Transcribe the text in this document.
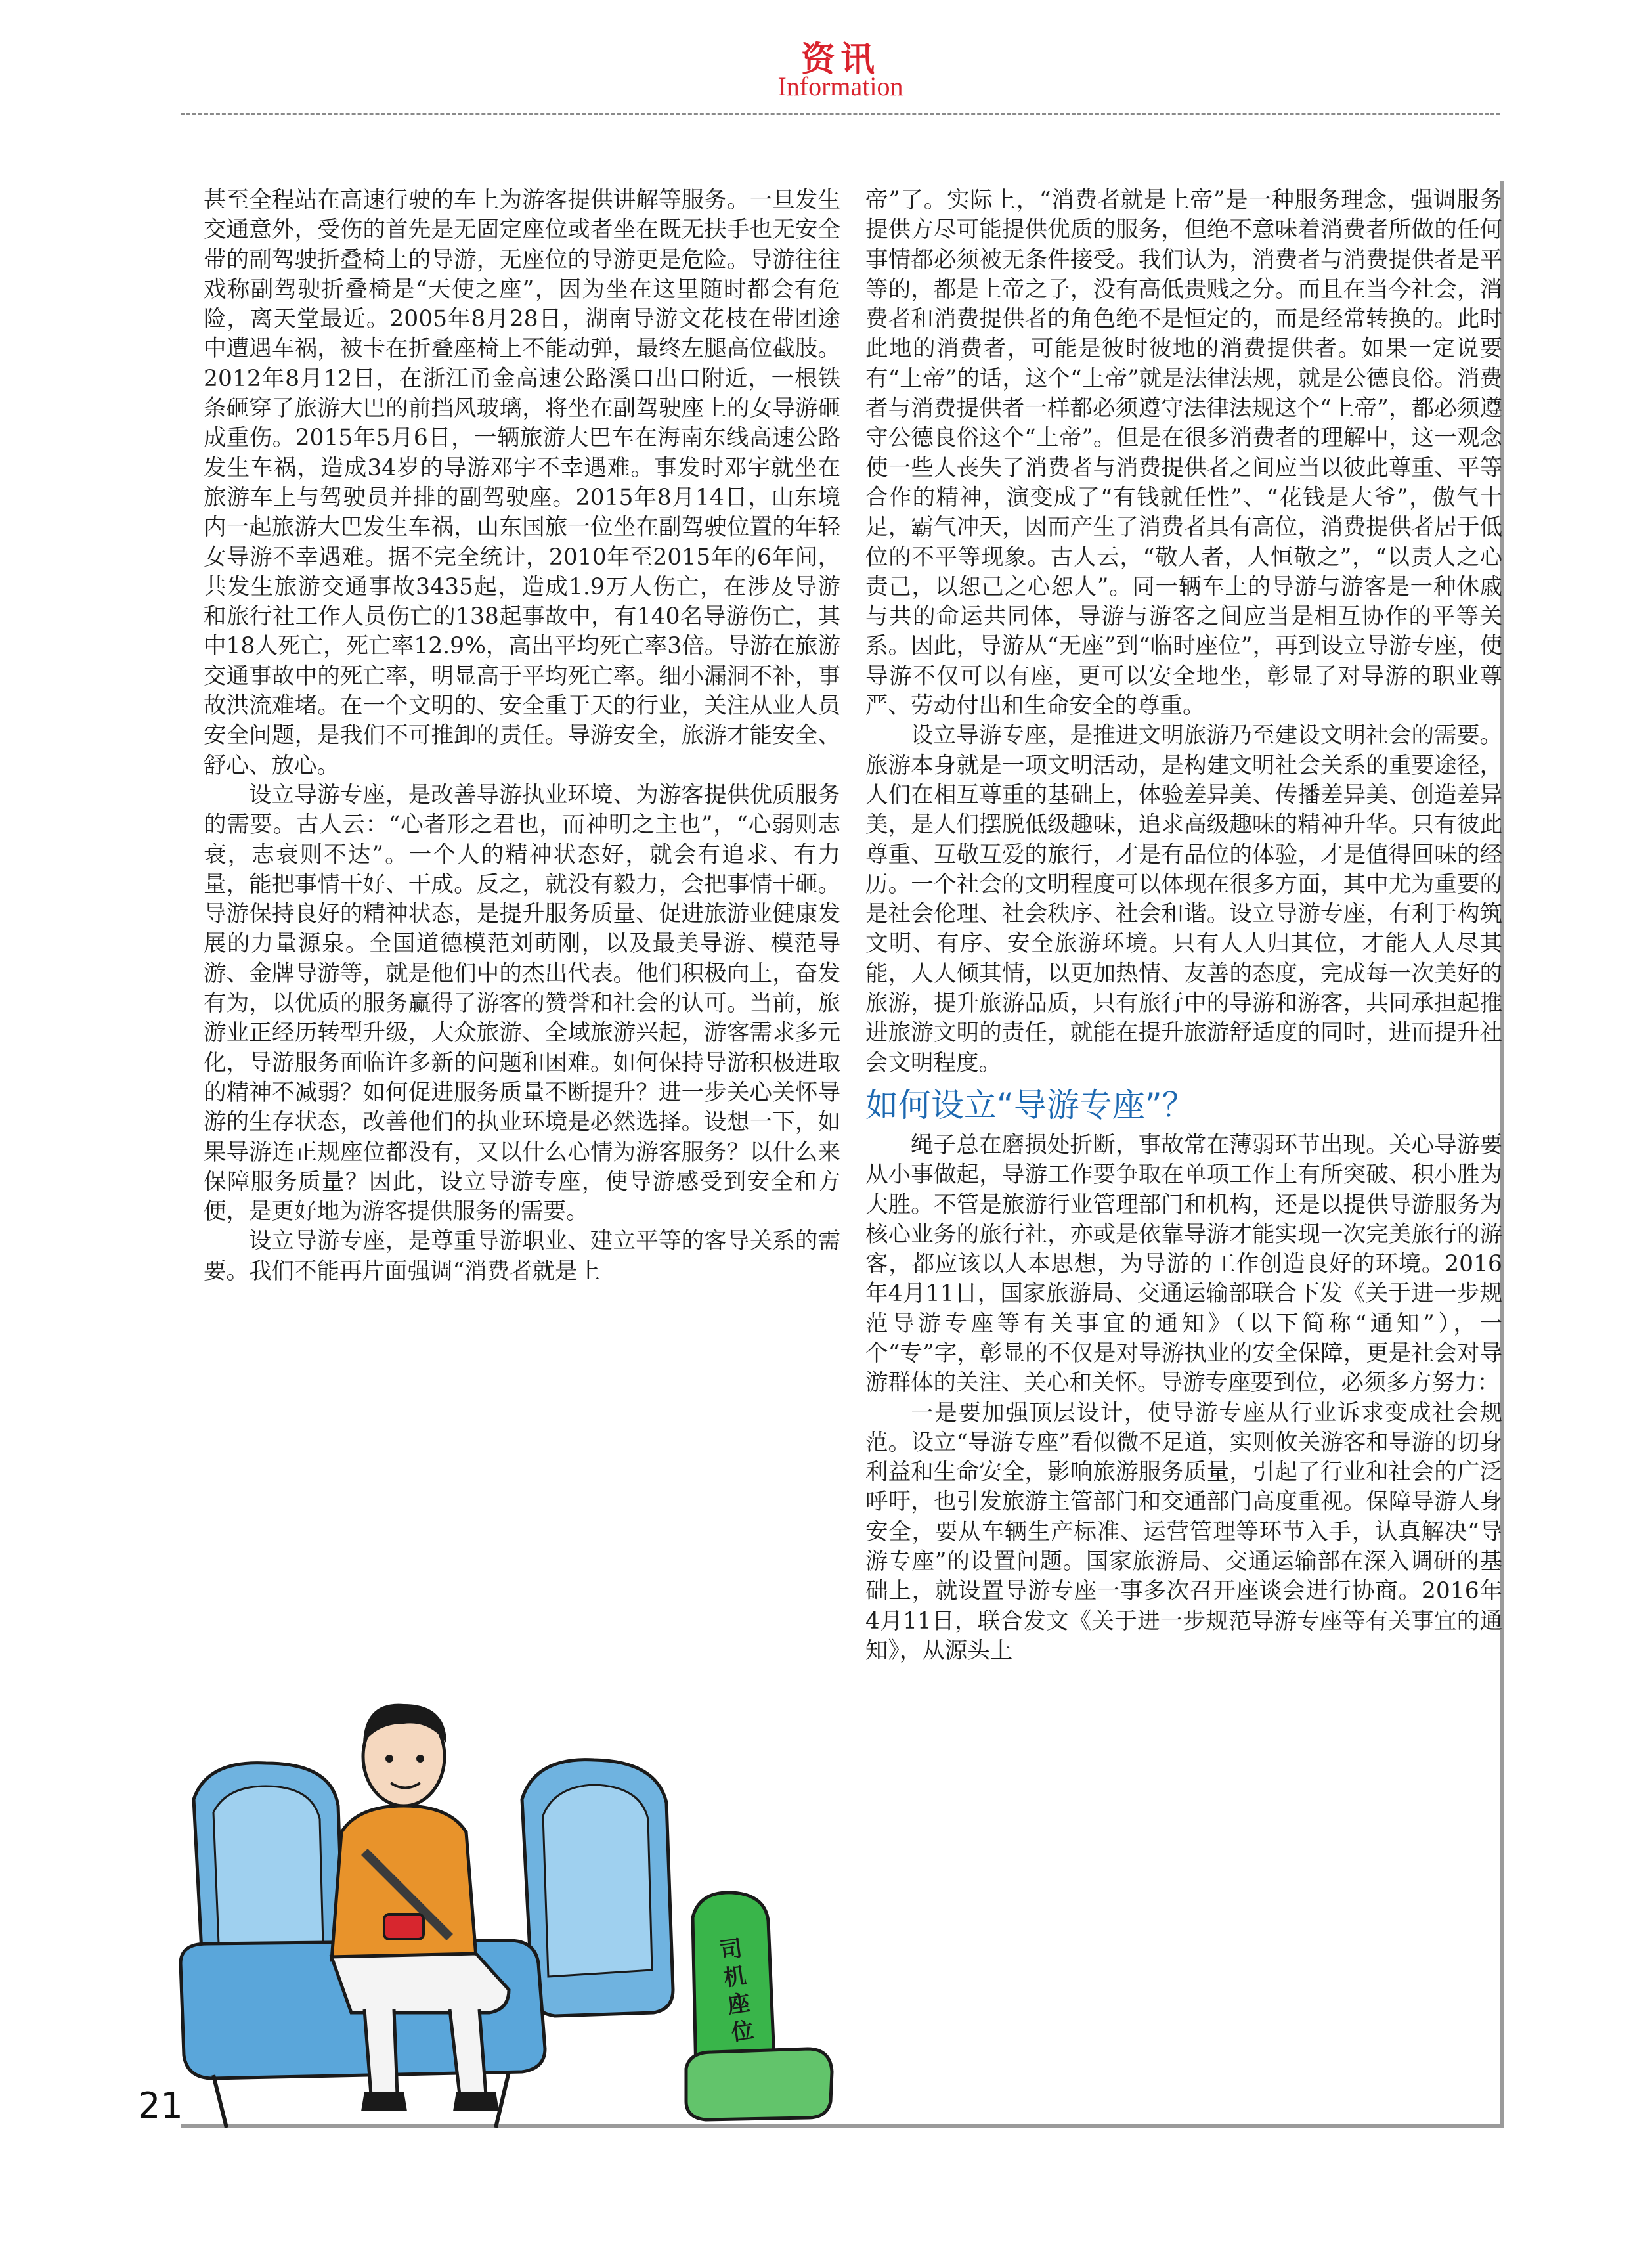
资讯
Information

甚至全程站在高速行驶的车上为游客提供讲解等服务。一旦发生交通意外，受伤的首先是无固定座位或者坐在既无扶手也无安全带的副驾驶折叠椅上的导游，无座位的导游更是危险。导游往往戏称副驾驶折叠椅是“天使之座”，因为坐在这里随时都会有危险，离天堂最近。2005年8月28日，湖南导游文花枝在带团途中遭遇车祸，被卡在折叠座椅上不能动弹，最终左腿高位截肢。2012年8月12日，在浙江甬金高速公路溪口出口附近，一根铁条砸穿了旅游大巴的前挡风玻璃，将坐在副驾驶座上的女导游砸成重伤。2015年5月6日，一辆旅游大巴车在海南东线高速公路发生车祸，造成34岁的导游邓宇不幸遇难。事发时邓宇就坐在旅游车上与驾驶员并排的副驾驶座。2015年8月14日，山东境内一起旅游大巴发生车祸，山东国旅一位坐在副驾驶位置的年轻女导游不幸遇难。据不完全统计，2010年至2015年的6年间，共发生旅游交通事故3435起，造成1.9万人伤亡，在涉及导游和旅行社工作人员伤亡的138起事故中，有140名导游伤亡，其中18人死亡，死亡率12.9%，高出平均死亡率3倍。导游在旅游交通事故中的死亡率，明显高于平均死亡率。细小漏洞不补，事故洪流难堵。在一个文明的、安全重于天的行业，关注从业人员安全问题，是我们不可推卸的责任。导游安全，旅游才能安全、舒心、放心。

设立导游专座，是改善导游执业环境、为游客提供优质服务的需要。古人云：“心者形之君也，而神明之主也”，“心弱则志衰，志衰则不达”。一个人的精神状态好，就会有追求、有力量，能把事情干好、干成。反之，就没有毅力，会把事情干砸。导游保持良好的精神状态，是提升服务质量、促进旅游业健康发展的力量源泉。全国道德模范刘萌刚，以及最美导游、模范导游、金牌导游等，就是他们中的杰出代表。他们积极向上，奋发有为，以优质的服务赢得了游客的赞誉和社会的认可。当前，旅游业正经历转型升级，大众旅游、全域旅游兴起，游客需求多元化，导游服务面临许多新的问题和困难。如何保持导游积极进取的精神不减弱？如何促进服务质量不断提升？进一步关心关怀导游的生存状态，改善他们的执业环境是必然选择。设想一下，如果导游连正规座位都没有，又以什么心情为游客服务？以什么来保障服务质量？因此，设立导游专座，使导游感受到安全和方便，是更好地为游客提供服务的需要。

设立导游专座，是尊重导游职业、建立平等的客导关系的需要。我们不能再片面强调“消费者就是上

帝”了。实际上，“消费者就是上帝”是一种服务理念，强调服务提供方尽可能提供优质的服务，但绝不意味着消费者所做的任何事情都必须被无条件接受。我们认为，消费者与消费提供者是平等的，都是上帝之子，没有高低贵贱之分。而且在当今社会，消费者和消费提供者的角色绝不是恒定的，而是经常转换的。此时此地的消费者，可能是彼时彼地的消费提供者。如果一定说要有“上帝”的话，这个“上帝”就是法律法规，就是公德良俗。消费者与消费提供者一样都必须遵守法律法规这个“上帝”，都必须遵守公德良俗这个“上帝”。但是在很多消费者的理解中，这一观念使一些人丧失了消费者与消费提供者之间应当以彼此尊重、平等合作的精神，演变成了“有钱就任性”、“花钱是大爷”，傲气十足，霸气冲天，因而产生了消费者具有高位，消费提供者居于低位的不平等现象。古人云，“敬人者，人恒敬之”，“以责人之心责己，以恕己之心恕人”。同一辆车上的导游与游客是一种休戚与共的命运共同体，导游与游客之间应当是相互协作的平等关系。因此，导游从“无座”到“临时座位”，再到设立导游专座，使导游不仅可以有座，更可以安全地坐，彰显了对导游的职业尊严、劳动付出和生命安全的尊重。

设立导游专座，是推进文明旅游乃至建设文明社会的需要。旅游本身就是一项文明活动，是构建文明社会关系的重要途径，人们在相互尊重的基础上，体验差异美、传播差异美、创造差异美，是人们摆脱低级趣味，追求高级趣味的精神升华。只有彼此尊重、互敬互爱的旅行，才是有品位的体验，才是值得回味的经历。一个社会的文明程度可以体现在很多方面，其中尤为重要的是社会伦理、社会秩序、社会和谐。设立导游专座，有利于构筑文明、有序、安全旅游环境。只有人人归其位，才能人人尽其能，人人倾其情，以更加热情、友善的态度，完成每一次美好的旅游，提升旅游品质，只有旅行中的导游和游客，共同承担起推进旅游文明的责任，就能在提升旅游舒适度的同时，进而提升社会文明程度。

如何设立“导游专座”？

绳子总在磨损处折断，事故常在薄弱环节出现。关心导游要从小事做起，导游工作要争取在单项工作上有所突破、积小胜为大胜。不管是旅游行业管理部门和机构，还是以提供导游服务为核心业务的旅行社，亦或是依靠导游才能实现一次完美旅行的游客，都应该以人本思想，为导游的工作创造良好的环境。2016年4月11日，国家旅游局、交通运输部联合下发《关于进一步规范导游专座等有关事宜的通知》（以下简称“通知”），一个“专”字，彰显的不仅是对导游执业的安全保障，更是社会对导游群体的关注、关心和关怀。导游专座要到位，必须多方努力：

一是要加强顶层设计，使导游专座从行业诉求变成社会规范。设立“导游专座”看似微不足道，实则攸关游客和导游的切身利益和生命安全，影响旅游服务质量，引起了行业和社会的广泛呼吁，也引发旅游主管部门和交通部门高度重视。保障导游人身安全，要从车辆生产标准、运营管理等环节入手，认真解决“导游专座”的设置问题。国家旅游局、交通运输部在深入调研的基础上，就设置导游专座一事多次召开座谈会进行协商。2016年4月11日，联合发文《关于进一步规范导游专座等有关事宜的通知》，从源头上

司机座位
21
